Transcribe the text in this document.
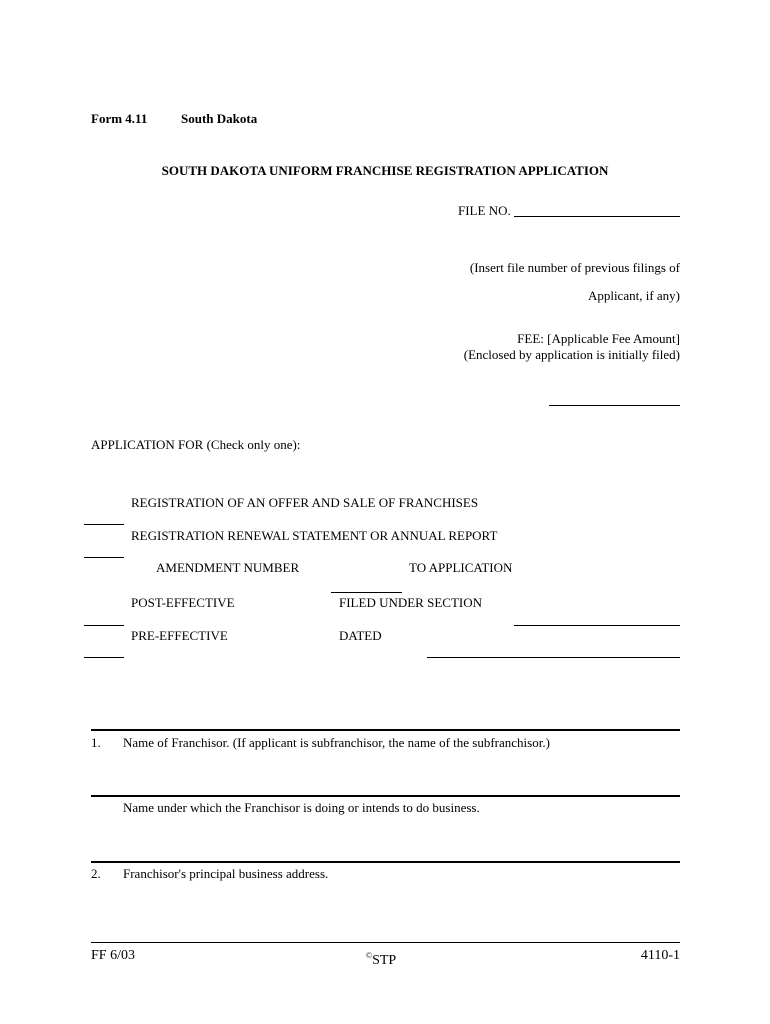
Form 4.11	South Dakota
SOUTH DAKOTA UNIFORM FRANCHISE REGISTRATION APPLICATION
FILE NO.
(Insert file number of previous filings of
Applicant, if any)
FEE: [Applicable Fee Amount]
(Enclosed by application is initially filed)
APPLICATION FOR (Check only one):
REGISTRATION OF AN OFFER AND SALE OF FRANCHISES
REGISTRATION RENEWAL STATEMENT OR ANNUAL REPORT
AMENDMENT NUMBER	TO APPLICATION
POST-EFFECTIVE	FILED UNDER SECTION
PRE-EFFECTIVE	DATED
1. Name of Franchisor. (If applicant is subfranchisor, the name of the subfranchisor.)
Name under which the Franchisor is doing or intends to do business.
2. Franchisor's principal business address.
FF 6/03	©STP	4110-1
